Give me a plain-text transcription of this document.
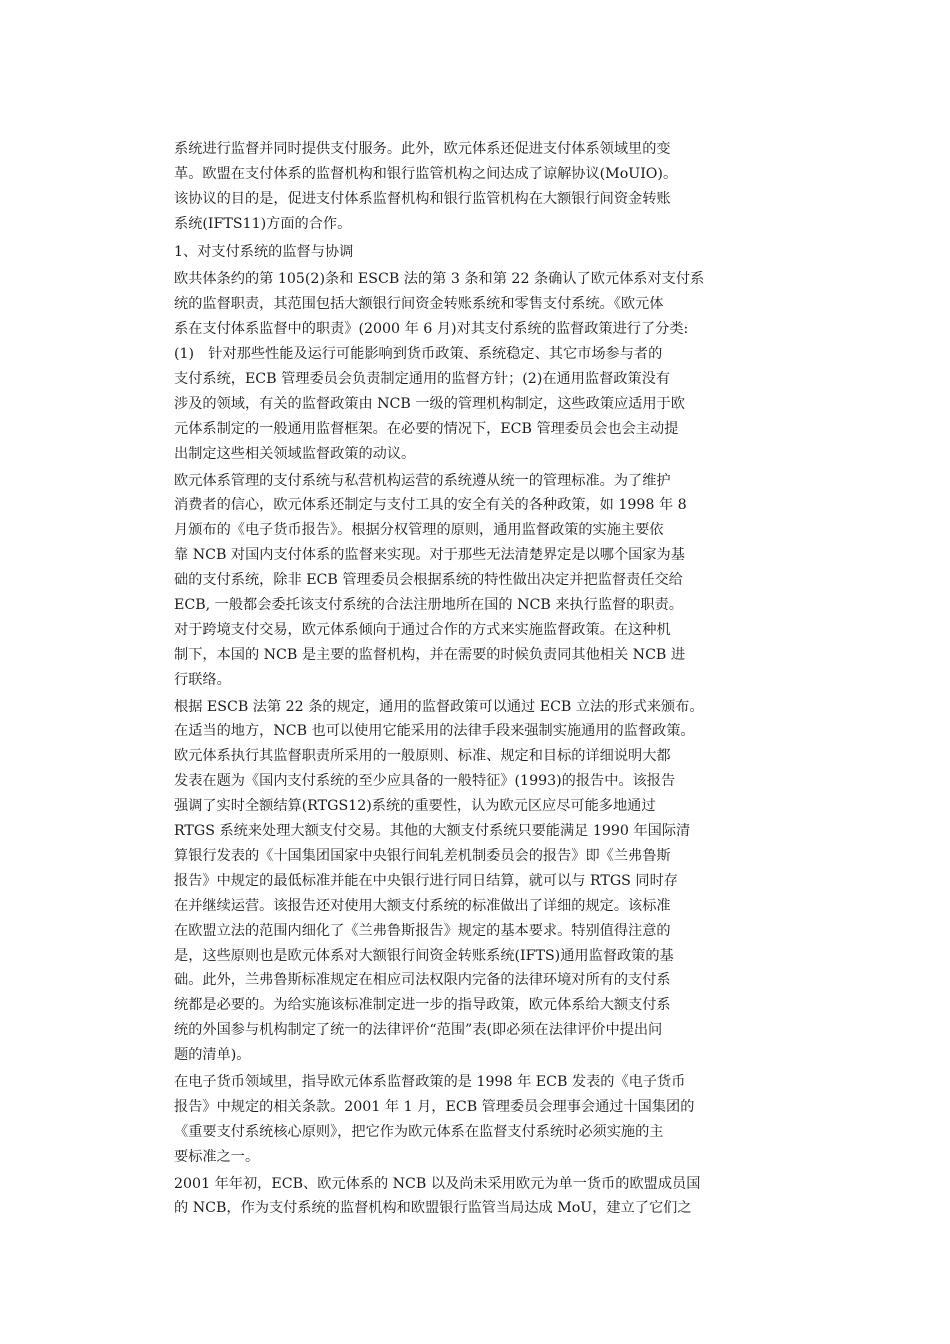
系统进行监督并同时提供支付服务。此外，欧元体系还促进支付体系领域里的变
革。欧盟在支付体系的监督机构和银行监管机构之间达成了谅解协议(MoUIO)。
该协议的目的是，促进支付体系监督机构和银行监管机构在大额银行间资金转账
系统(IFTS11)方面的合作。
1、对支付系统的监督与协调
欧共体条约的第 105(2)条和 ESCB 法的第 3 条和第 22 条确认了欧元体系对支付系
统的监督职责，其范围包括大额银行间资金转账系统和零售支付系统。《欧元体
系在支付体系监督中的职责》(2000 年 6 月)对其支付系统的监督政策进行了分类:
(1)　针对那些性能及运行可能影响到货币政策、系统稳定、其它市场参与者的
支付系统，ECB 管理委员会负责制定通用的监督方针；(2)在通用监督政策没有
涉及的领域，有关的监督政策由 NCB 一级的管理机构制定，这些政策应适用于欧
元体系制定的一般通用监督框架。在必要的情况下，ECB 管理委员会也会主动提
出制定这些相关领域监督政策的动议。
欧元体系管理的支付系统与私营机构运营的系统遵从统一的管理标准。为了维护
消费者的信心，欧元体系还制定与支付工具的安全有关的各种政策，如 1998 年 8
月颁布的《电子货币报告》。根据分权管理的原则，通用监督政策的实施主要依
靠 NCB 对国内支付体系的监督来实现。对于那些无法清楚界定是以哪个国家为基
础的支付系统，除非 ECB 管理委员会根据系统的特性做出决定并把监督责任交给
ECB, 一般都会委托该支付系统的合法注册地所在国的 NCB 来执行监督的职责。
对于跨境支付交易，欧元体系倾向于通过合作的方式来实施监督政策。在这种机
制下，本国的 NCB 是主要的监督机构，并在需要的时候负责同其他相关 NCB 进
行联络。
根据 ESCB 法第 22 条的规定，通用的监督政策可以通过 ECB 立法的形式来颁布。
在适当的地方，NCB 也可以使用它能采用的法律手段来强制实施通用的监督政策。
欧元体系执行其监督职责所采用的一般原则、标准、规定和目标的详细说明大都
发表在题为《国内支付系统的至少应具备的一般特征》(1993)的报告中。该报告
强调了实时全额结算(RTGS12)系统的重要性，认为欧元区应尽可能多地通过
RTGS 系统来处理大额支付交易。其他的大额支付系统只要能满足 1990 年国际清
算银行发表的《十国集团国家中央银行间轧差机制委员会的报告》即《兰弗鲁斯
报告》中规定的最低标准并能在中央银行进行同日结算，就可以与 RTGS 同时存
在并继续运营。该报告还对使用大额支付系统的标准做出了详细的规定。该标准
在欧盟立法的范围内细化了《兰弗鲁斯报告》规定的基本要求。特别值得注意的
是，这些原则也是欧元体系对大额银行间资金转账系统(IFTS)通用监督政策的基
础。此外，兰弗鲁斯标准规定在相应司法权限内完备的法律环境对所有的支付系
统都是必要的。为给实施该标准制定进一步的指导政策，欧元体系给大额支付系
统的外国参与机构制定了统一的法律评价“范围”表(即必须在法律评价中提出问
题的清单)。
在电子货币领域里，指导欧元体系监督政策的是 1998 年 ECB 发表的《电子货币
报告》中规定的相关条款。2001 年 1 月，ECB 管理委员会理事会通过十国集团的
《重要支付系统核心原则》，把它作为欧元体系在监督支付系统时必须实施的主
要标准之一。
2001 年年初，ECB、欧元体系的 NCB 以及尚未采用欧元为单一货币的欧盟成员国
的 NCB，作为支付系统的监督机构和欧盟银行监管当局达成 MoU，建立了它们之
